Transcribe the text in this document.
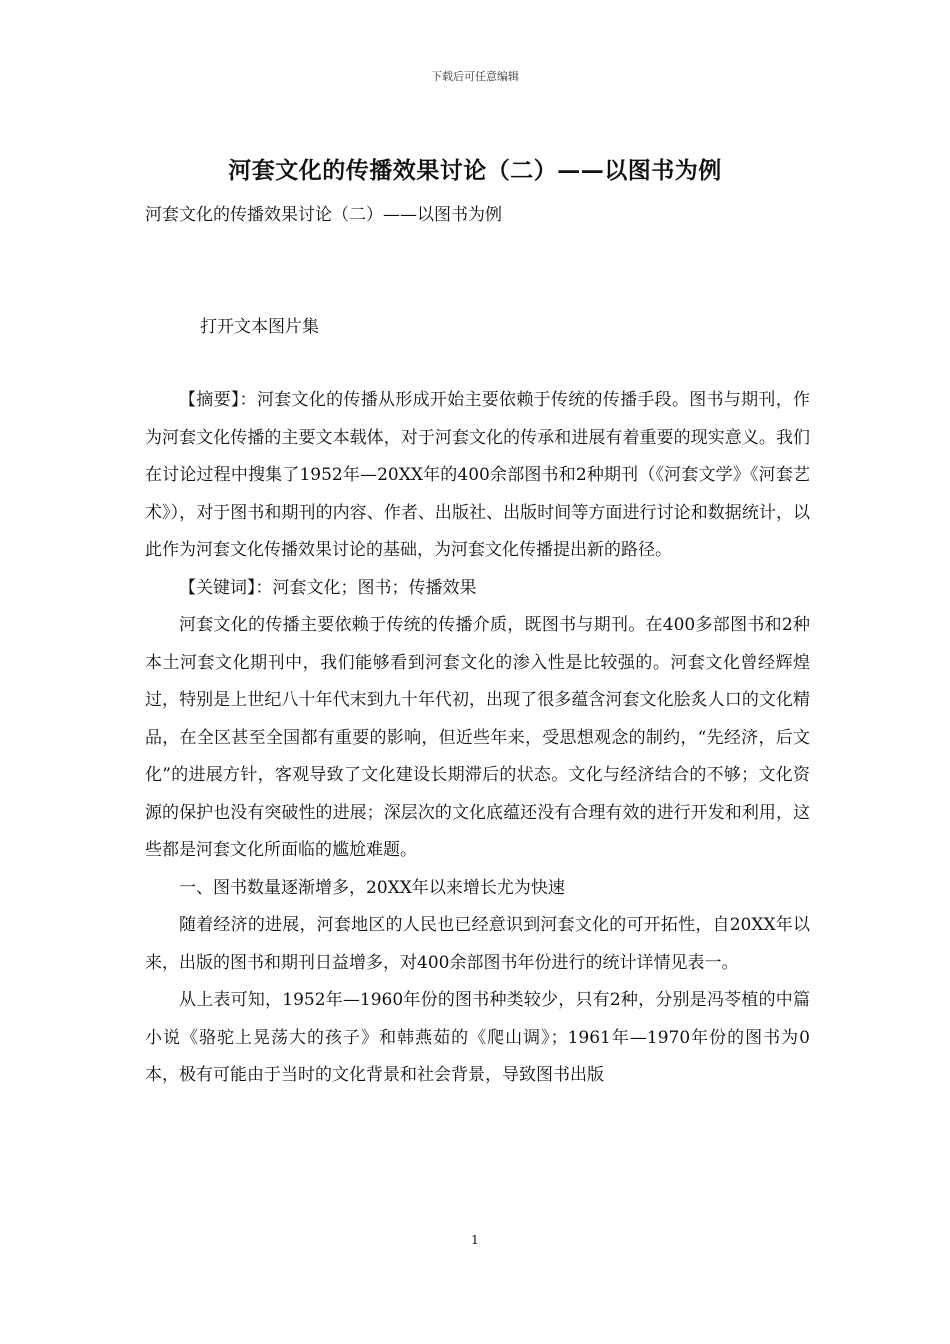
下载后可任意编辑
河套文化的传播效果讨论（二）——以图书为例
河套文化的传播效果讨论（二）——以图书为例
打开文本图片集

【摘要】：河套文化的传播从形成开始主要依赖于传统的传播手段。图书与期刊，作为河套文化传播的主要文本载体，对于河套文化的传承和进展有着重要的现实意义。我们在讨论过程中搜集了1952年—20XX年的400余部图书和2种期刊（《河套文学》《河套艺术》），对于图书和期刊的内容、作者、出版社、出版时间等方面进行讨论和数据统计，以此作为河套文化传播效果讨论的基础，为河套文化传播提出新的路径。

【关键词】：河套文化；图书；传播效果

河套文化的传播主要依赖于传统的传播介质，既图书与期刊。在400多部图书和2种本土河套文化期刊中，我们能够看到河套文化的渗入性是比较强的。河套文化曾经辉煌过，特别是上世纪八十年代末到九十年代初，出现了很多蕴含河套文化脍炙人口的文化精品，在全区甚至全国都有重要的影响，但近些年来，受思想观念的制约，“先经济，后文化”的进展方针，客观导致了文化建设长期滞后的状态。文化与经济结合的不够；文化资源的保护也没有突破性的进展；深层次的文化底蕴还没有合理有效的进行开发和利用，这些都是河套文化所面临的尴尬难题。

一、图书数量逐渐增多，20XX年以来增长尤为快速

随着经济的进展，河套地区的人民也已经意识到河套文化的可开拓性，自20XX年以来，出版的图书和期刊日益增多，对400余部图书年份进行的统计详情见表一。

从上表可知，1952年—1960年份的图书种类较少，只有2种，分别是冯苓植的中篇小说《骆驼上晃荡大的孩子》和韩燕茹的《爬山调》；1961年—1970年份的图书为0本，极有可能由于当时的文化背景和社会背景，导致图书出版

1
